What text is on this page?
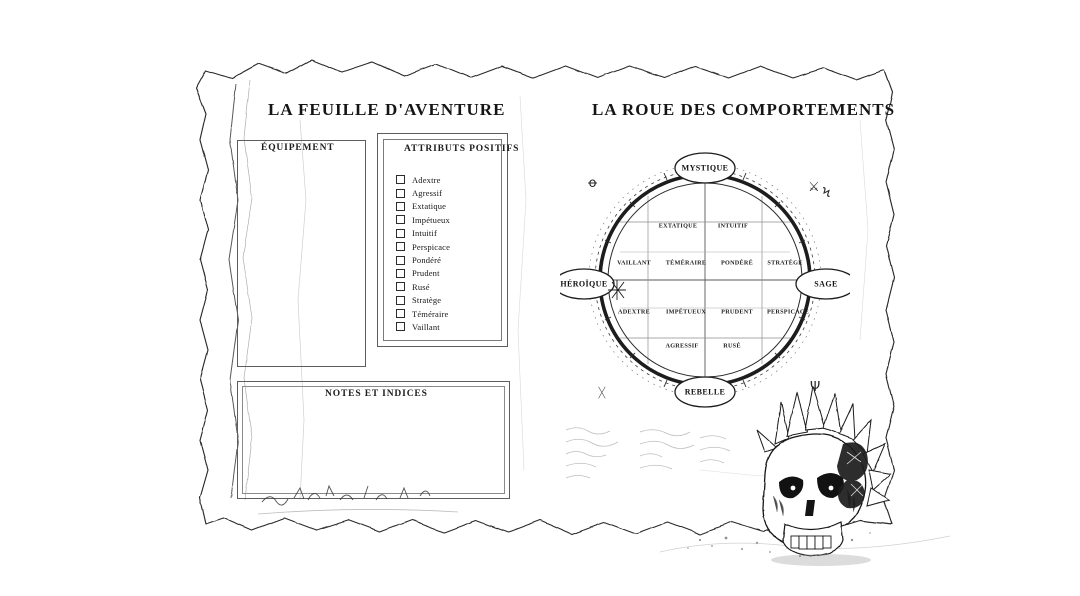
LA FEUILLE D'AVENTURE	LA ROUE DES COMPORTEMENTS
ÉQUIPEMENT	ATTRIBUTS POSITIFS
Adextre
Agressif
Extatique
Impétueux
Intuitif
Perspicace
Pondéré
Prudent
Rusé
Stratège
Téméraire
Vaillant
NOTES ET INDICES
MYSTIQUE
SAGE
REBELLE
HÉROÏQUE
EXTATIQUE	INTUITIF
VAILLANT TÉMÉRAIRE PONDÉRÉ STRATÈGE
ADEXTRE	IMPÉTUEUX PRUDENT PERSPICACE
AGRESSIF	RUSÉ
ꝋ	⚔ Ϟ
ᚷ	Ψ
